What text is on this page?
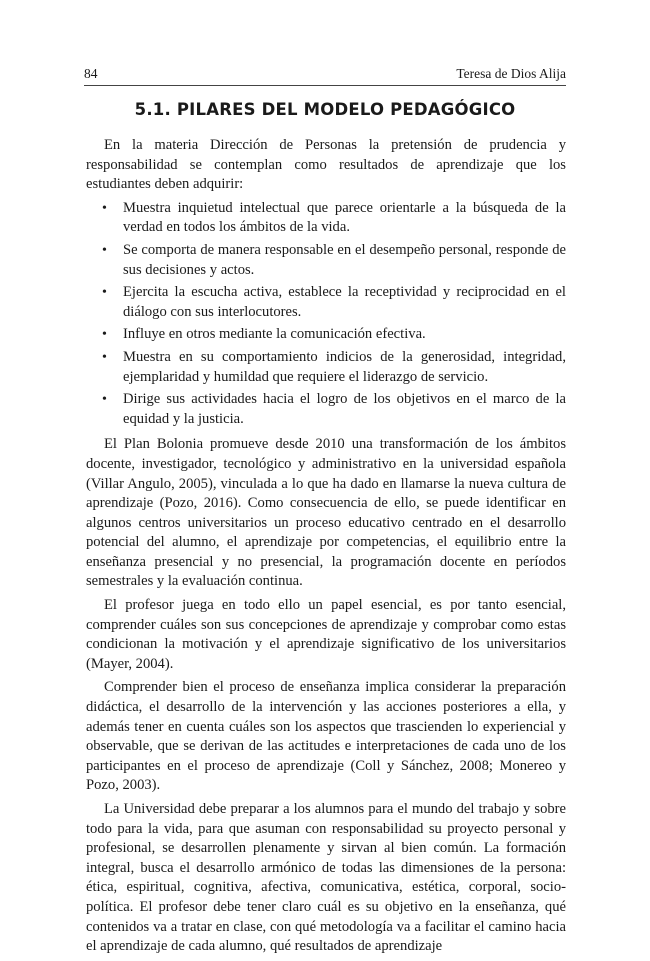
84	Teresa de Dios Alija
5.1. PILARES DEL MODELO PEDAGÓGICO

En la materia Dirección de Personas la pretensión de prudencia y responsabilidad se contemplan como resultados de aprendizaje que los estudiantes deben adquirir:

• Muestra inquietud intelectual que parece orientarle a la búsqueda de la verdad en todos los ámbitos de la vida.
• Se comporta de manera responsable en el desempeño personal, responde de sus decisiones y actos.
• Ejercita la escucha activa, establece la receptividad y reciprocidad en el diálogo con sus interlocutores.
• Influye en otros mediante la comunicación efectiva.
• Muestra en su comportamiento indicios de la generosidad, integridad, ejemplaridad y humildad que requiere el liderazgo de servicio.
• Dirige sus actividades hacia el logro de los objetivos en el marco de la equidad y la justicia.

El Plan Bolonia promueve desde 2010 una transformación de los ámbitos docente, investigador, tecnológico y administrativo en la universidad española (Villar Angulo, 2005), vinculada a lo que ha dado en llamarse la nueva cultura de aprendizaje (Pozo, 2016). Como consecuencia de ello, se puede identificar en algunos centros universitarios un proceso educativo centrado en el desarrollo potencial del alumno, el aprendizaje por competencias, el equilibrio entre la enseñanza presencial y no presencial, la programación docente en períodos semestrales y la evaluación continua.

El profesor juega en todo ello un papel esencial, es por tanto esencial, comprender cuáles son sus concepciones de aprendizaje y comprobar como estas condicionan la motivación y el aprendizaje significativo de los universitarios (Mayer, 2004).

Comprender bien el proceso de enseñanza implica considerar la preparación didáctica, el desarrollo de la intervención y las acciones posteriores a ella, y además tener en cuenta cuáles son los aspectos que trascienden lo experiencial y observable, que se derivan de las actitudes e interpretaciones de cada uno de los participantes en el proceso de aprendizaje (Coll y Sánchez, 2008; Monereo y Pozo, 2003).

La Universidad debe preparar a los alumnos para el mundo del trabajo y sobre todo para la vida, para que asuman con responsabilidad su proyecto personal y profesional, se desarrollen plenamente y sirvan al bien común. La formación integral, busca el desarrollo armónico de todas las dimensiones de la persona: ética, espiritual, cognitiva, afectiva, comunicativa, estética, corporal, socio-política. El profesor debe tener claro cuál es su objetivo en la enseñanza, qué contenidos va a tratar en clase, con qué metodología va a facilitar el camino hacia el aprendizaje de cada alumno, qué resultados de aprendizaje
